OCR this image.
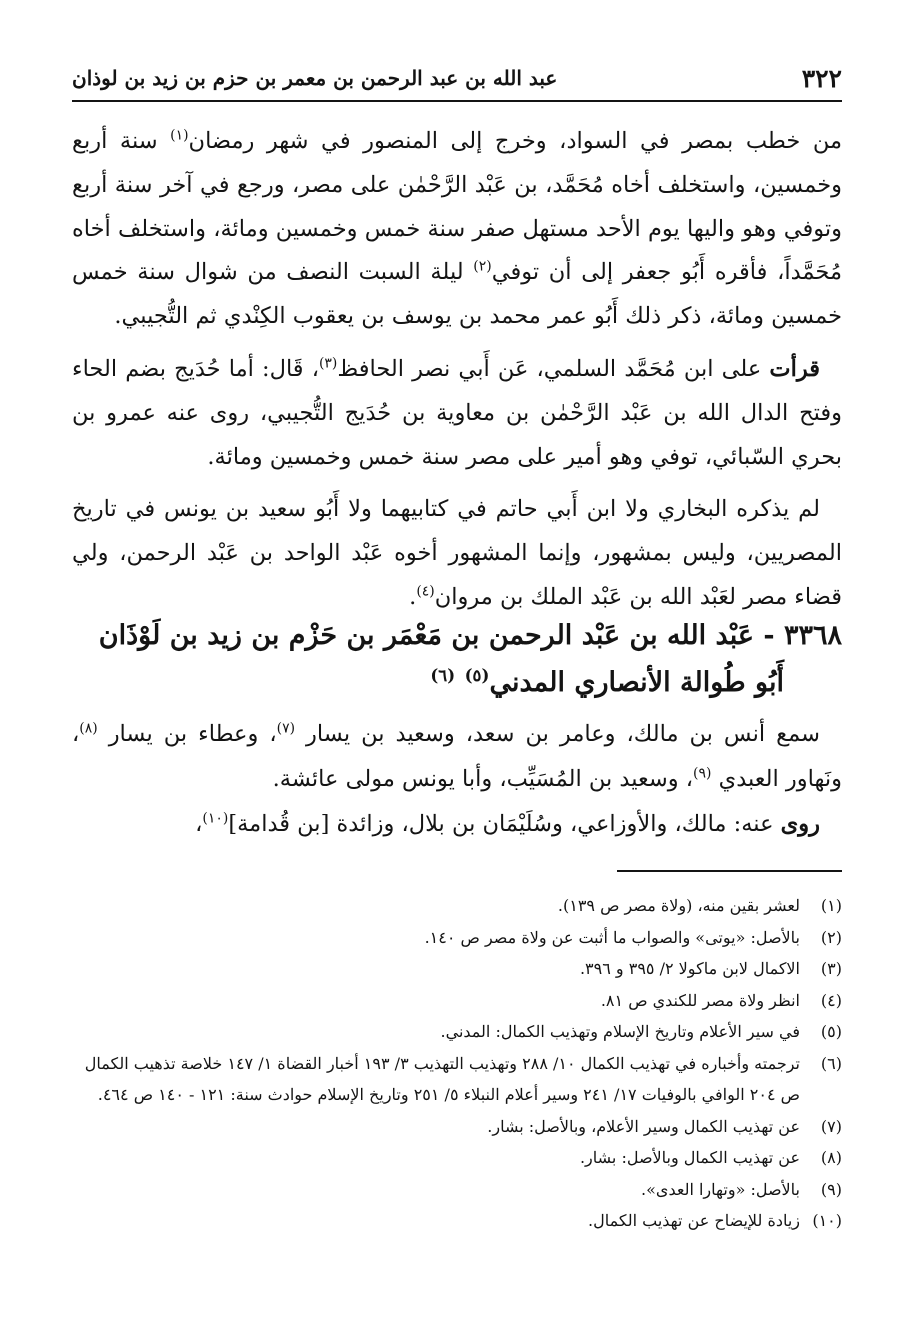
٣٢٢
عبد الله بن عبد الرحمن بن معمر بن حزم بن زيد بن لوذان

من خطب بمصر في السواد، وخرج إلى المنصور في شهر رمضان$^{(١)}$ سنة أربع وخمسين، واستخلف أخاه مُحَمَّد، بن عَبْد الرَّحْمٰن على مصر، ورجع في آخر سنة أربع وتوفي وهو واليها يوم الأحد مستهل صفر سنة خمس وخمسين ومائة، واستخلف أخاه مُحَمَّداً، فأقره أَبُو جعفر إلى أن توفي$^{(٢)}$ ليلة السبت النصف من شوال سنة خمس خمسين ومائة، ذكر ذلك أَبُو عمر محمد بن يوسف بن يعقوب الكِنْدي ثم التُّجيبي.

قرأت على ابن مُحَمَّد السلمي، عَن أَبي نصر الحافظ$^{(٣)}$، قَال: أما حُدَيج بضم الحاء وفتح الدال الله بن عَبْد الرَّحْمٰن بن معاوية بن حُدَيج التُّجيبي، روى عنه عمرو بن بحري السّبائي، توفي وهو أمير على مصر سنة خمس وخمسين ومائة.

لم يذكره البخاري ولا ابن أَبي حاتم في كتابيهما ولا أَبُو سعيد بن يونس في تاريخ المصريين، وليس بمشهور، وإنما المشهور أخوه عَبْد الواحد بن عَبْد الرحمن، ولي قضاء مصر لعَبْد الله بن عَبْد الملك بن مروان$^{(٤)}$.

٣٣٦٨ - عَبْد الله بن عَبْد الرحمن بن مَعْمَر بن حَزْم بن زيد بن لَوْذَان
أَبُو طُوالة الأنصاري المدني$^{(٥)}$ $^{(٦)}$

سمع أنس بن مالك، وعامر بن سعد، وسعيد بن يسار $^{(٧)}$، وعطاء بن يسار $^{(٨)}$، ونَهاور العبدي $^{(٩)}$، وسعيد بن المُسَيِّب، وأبا يونس مولى عائشة.

روى عنه: مالك، والأوزاعي، وسُلَيْمَان بن بلال، وزائدة [بن قُدامة]$^{(١٠)}$،

(١)
لعشر بقين منه، (ولاة مصر ص ١٣٩).
(٢)
بالأصل: «يوتى» والصواب ما أثبت عن ولاة مصر ص ١٤٠.
(٣)
الاكمال لابن ماكولا ٢/ ٣٩٥ و ٣٩٦.
(٤)
انظر ولاة مصر للكندي ص ٨١.
(٥)
في سير الأعلام وتاريخ الإسلام وتهذيب الكمال: المدني.
(٦)
ترجمته وأخباره في تهذيب الكمال ١٠/ ٢٨٨ وتهذيب التهذيب ٣/ ١٩٣ أخبار القضاة ١/ ١٤٧ خلاصة تذهيب الكمال ص ٢٠٤ الوافي بالوفيات ١٧/ ٢٤١ وسير أعلام النبلاء ٥/ ٢٥١ وتاريخ الإسلام حوادث سنة: ١٢١ - ١٤٠ ص ٤٦٤.
(٧)
عن تهذيب الكمال وسير الأعلام، وبالأصل: بشار.
(٨)
عن تهذيب الكمال وبالأصل: بشار.
(٩)
بالأصل: «وتهارا العدى».
(١٠)
زيادة للإيضاح عن تهذيب الكمال.
